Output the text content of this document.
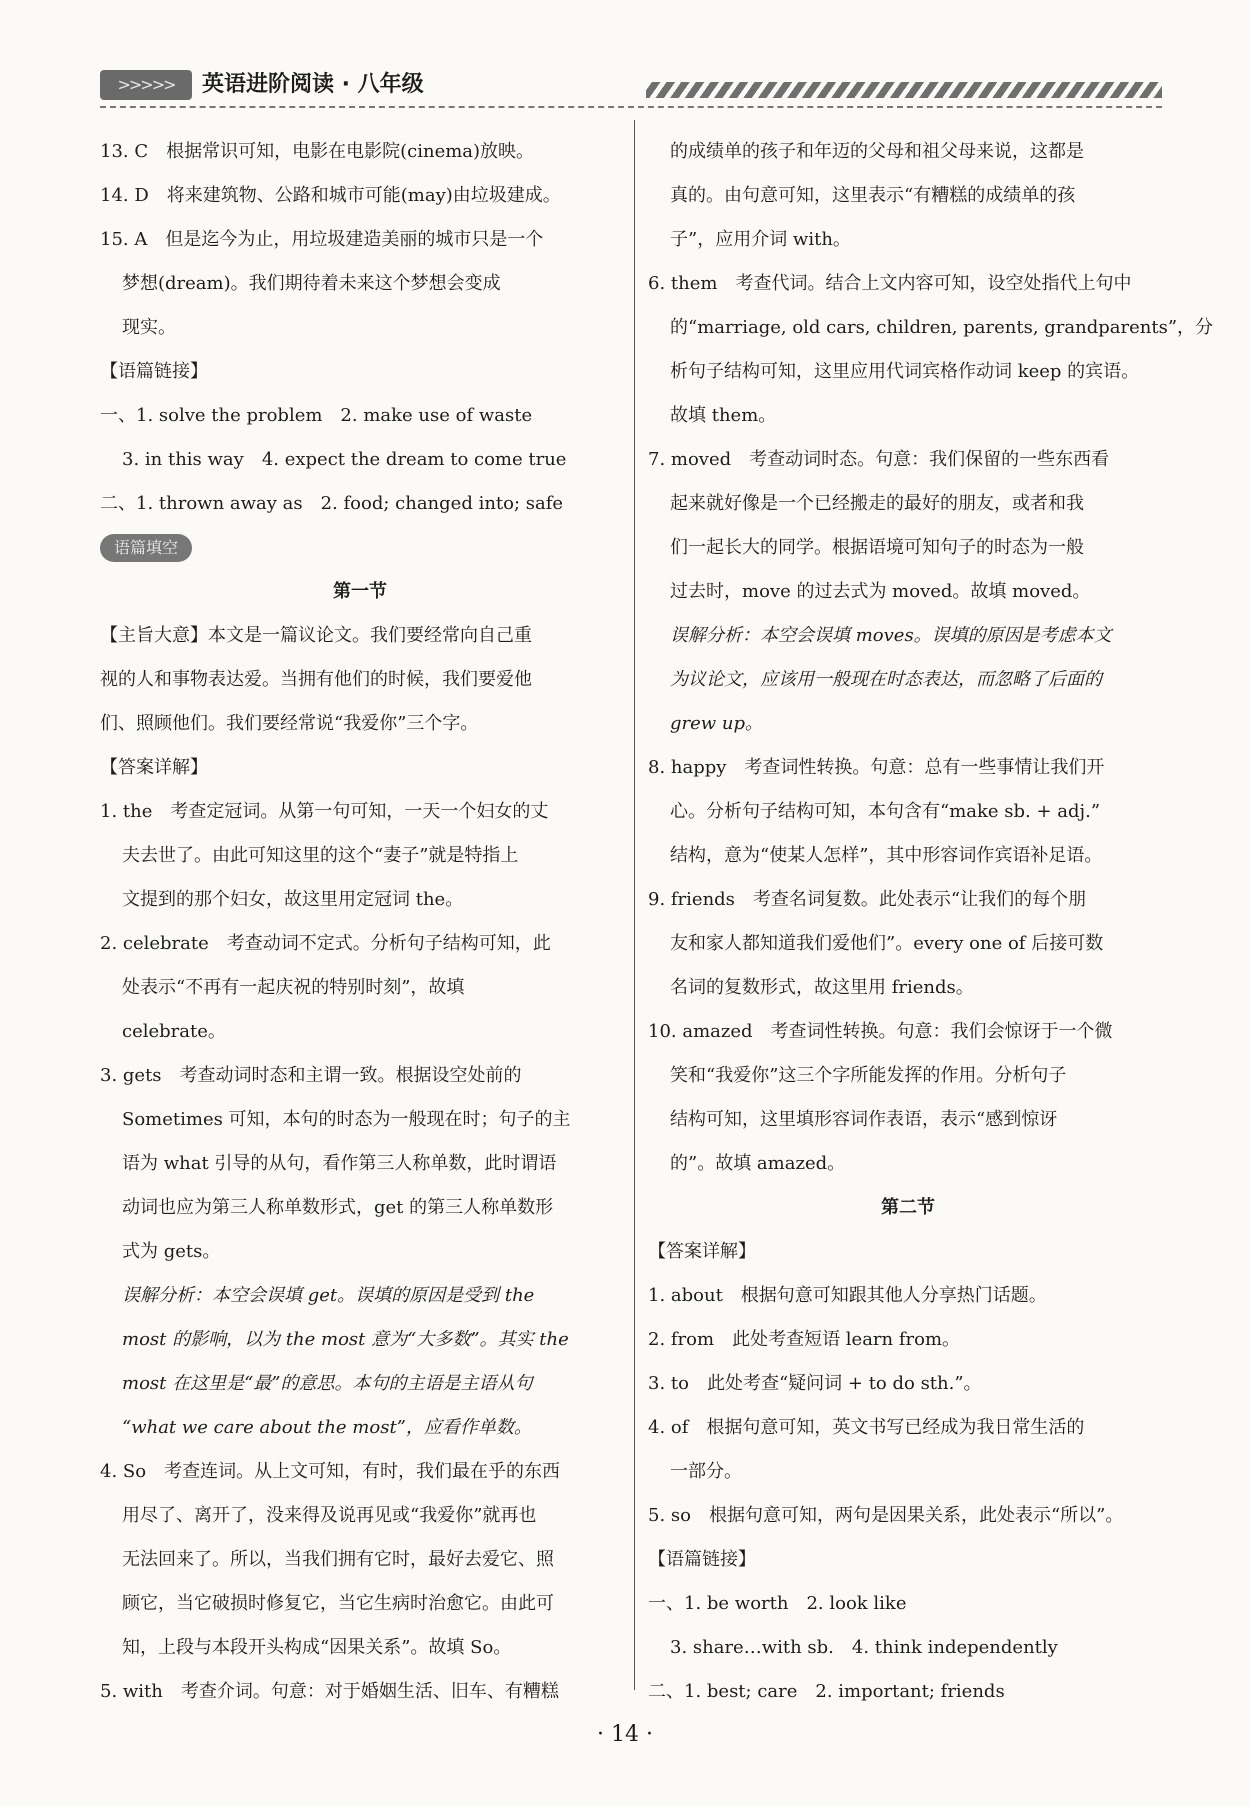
>>>>>	英语进阶阅读 · 八年级
13. C　根据常识可知，电影在电影院(cinema)放映。
14. D　将来建筑物、公路和城市可能(may)由垃圾建成。
15. A　但是迄今为止，用垃圾建造美丽的城市只是一个
梦想(dream)。我们期待着未来这个梦想会变成
现实。
【语篇链接】
一、1. solve the problem　2. make use of waste
3. in this way　4. expect the dream to come true
二、1. thrown away as　2. food; changed into; safe
语篇填空
第一节
【主旨大意】本文是一篇议论文。我们要经常向自己重
视的人和事物表达爱。当拥有他们的时候，我们要爱他
们、照顾他们。我们要经常说“我爱你”三个字。
【答案详解】
1. the　考查定冠词。从第一句可知，一天一个妇女的丈
夫去世了。由此可知这里的这个“妻子”就是特指上
文提到的那个妇女，故这里用定冠词 the。
2. celebrate　考查动词不定式。分析句子结构可知，此
处表示“不再有一起庆祝的特别时刻”，故填
celebrate。
3. gets　考查动词时态和主谓一致。根据设空处前的
Sometimes 可知，本句的时态为一般现在时；句子的主
语为 what 引导的从句，看作第三人称单数，此时谓语
动词也应为第三人称单数形式，get 的第三人称单数形
式为 gets。
误解分析：本空会误填 get。误填的原因是受到 the
most 的影响，以为 the most 意为“大多数”。其实 the
most 在这里是“最”的意思。本句的主语是主语从句
“what we care about the most”，应看作单数。
4. So　考查连词。从上文可知，有时，我们最在乎的东西
用尽了、离开了，没来得及说再见或“我爱你”就再也
无法回来了。所以，当我们拥有它时，最好去爱它、照
顾它，当它破损时修复它，当它生病时治愈它。由此可
知，上段与本段开头构成“因果关系”。故填 So。
5. with　考查介词。句意：对于婚姻生活、旧车、有糟糕
的成绩单的孩子和年迈的父母和祖父母来说，这都是
真的。由句意可知，这里表示“有糟糕的成绩单的孩
子”，应用介词 with。
6. them　考查代词。结合上文内容可知，设空处指代上句中
的“marriage, old cars, children, parents, grandparents”，分
析句子结构可知，这里应用代词宾格作动词 keep 的宾语。
故填 them。
7. moved　考查动词时态。句意：我们保留的一些东西看
起来就好像是一个已经搬走的最好的朋友，或者和我
们一起长大的同学。根据语境可知句子的时态为一般
过去时，move 的过去式为 moved。故填 moved。
误解分析：本空会误填 moves。误填的原因是考虑本文
为议论文，应该用一般现在时态表达，而忽略了后面的
grew up。
8. happy　考查词性转换。句意：总有一些事情让我们开
心。分析句子结构可知，本句含有“make sb. + adj.”
结构，意为“使某人怎样”，其中形容词作宾语补足语。
9. friends　考查名词复数。此处表示“让我们的每个朋
友和家人都知道我们爱他们”。every one of 后接可数
名词的复数形式，故这里用 friends。
10. amazed　考查词性转换。句意：我们会惊讶于一个微
笑和“我爱你”这三个字所能发挥的作用。分析句子
结构可知，这里填形容词作表语，表示“感到惊讶
的”。故填 amazed。
第二节
【答案详解】
1. about　根据句意可知跟其他人分享热门话题。
2. from　此处考查短语 learn from。
3. to　此处考查“疑问词 + to do sth.”。
4. of　根据句意可知，英文书写已经成为我日常生活的
一部分。
5. so　根据句意可知，两句是因果关系，此处表示“所以”。
【语篇链接】
一、1. be worth　2. look like
3. share…with sb.　4. think independently
二、1. best; care　2. important; friends
· 14 ·
